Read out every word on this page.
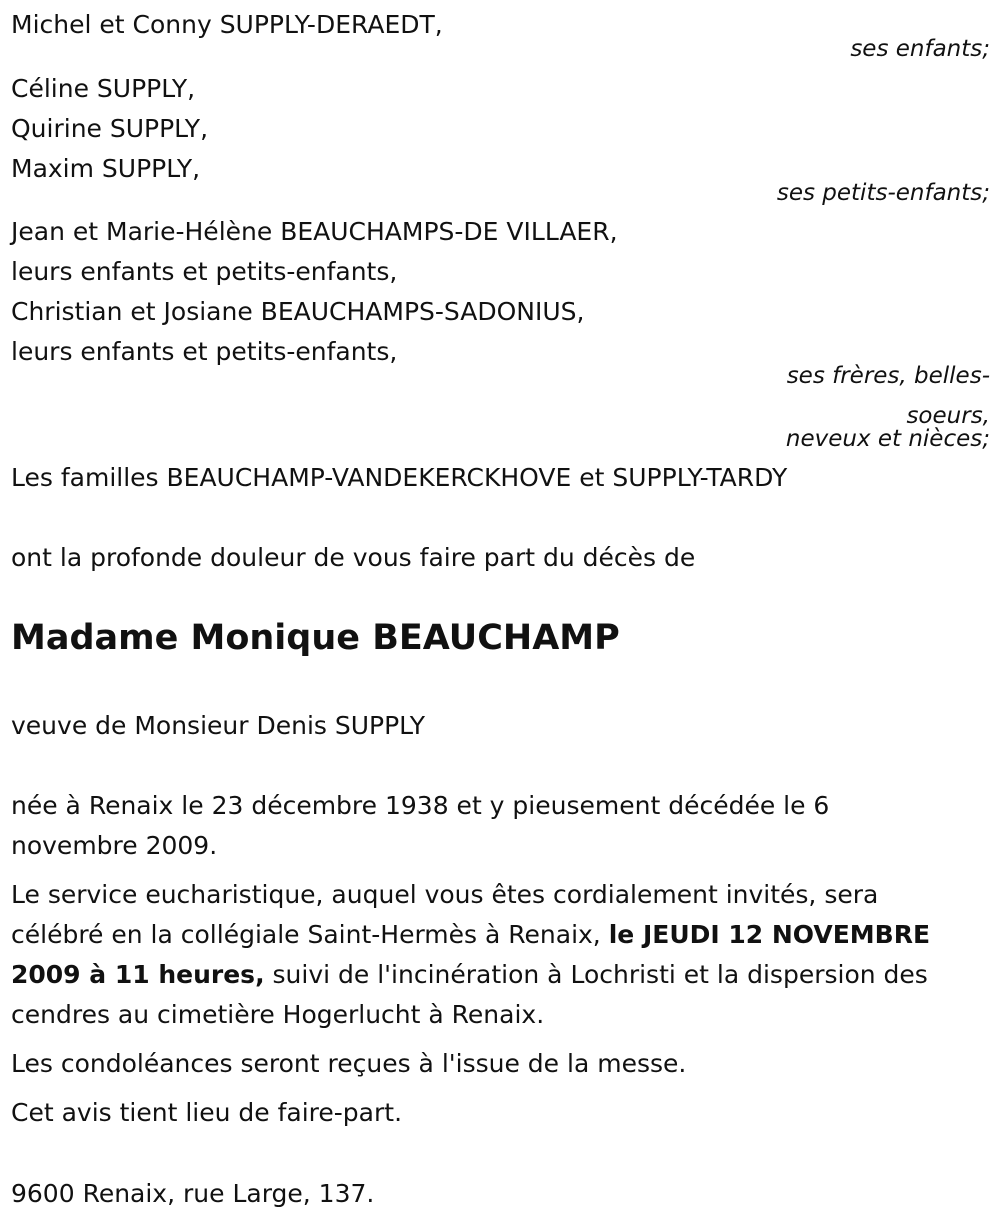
Michel et Conny SUPPLY-DERAEDT,

ses enfants;

Céline SUPPLY,

Quirine SUPPLY,

Maxim SUPPLY,

ses petits-enfants;

Jean et Marie-Hélène BEAUCHAMPS-DE VILLAER,

leurs enfants et petits-enfants,

Christian et Josiane BEAUCHAMPS-SADONIUS,

leurs enfants et petits-enfants,

ses frères, belles-
soeurs,
neveux et nièces;

Les familles BEAUCHAMP-VANDEKERCKHOVE et SUPPLY-TARDY

ont la profonde douleur de vous faire part du décès de

Madame Monique BEAUCHAMP

veuve de Monsieur Denis SUPPLY

née à Renaix le 23 décembre 1938 et y pieusement décédée le 6

novembre 2009.

Le service eucharistique, auquel vous êtes cordialement invités, sera

célébré en la collégiale Saint-Hermès à Renaix, le JEUDI 12 NOVEMBRE

2009 à 11 heures, suivi de l'incinération à Lochristi et la dispersion des

cendres au cimetière Hogerlucht à Renaix.

Les condoléances seront reçues à l'issue de la messe.

Cet avis tient lieu de faire-part.

9600 Renaix, rue Large, 137.
